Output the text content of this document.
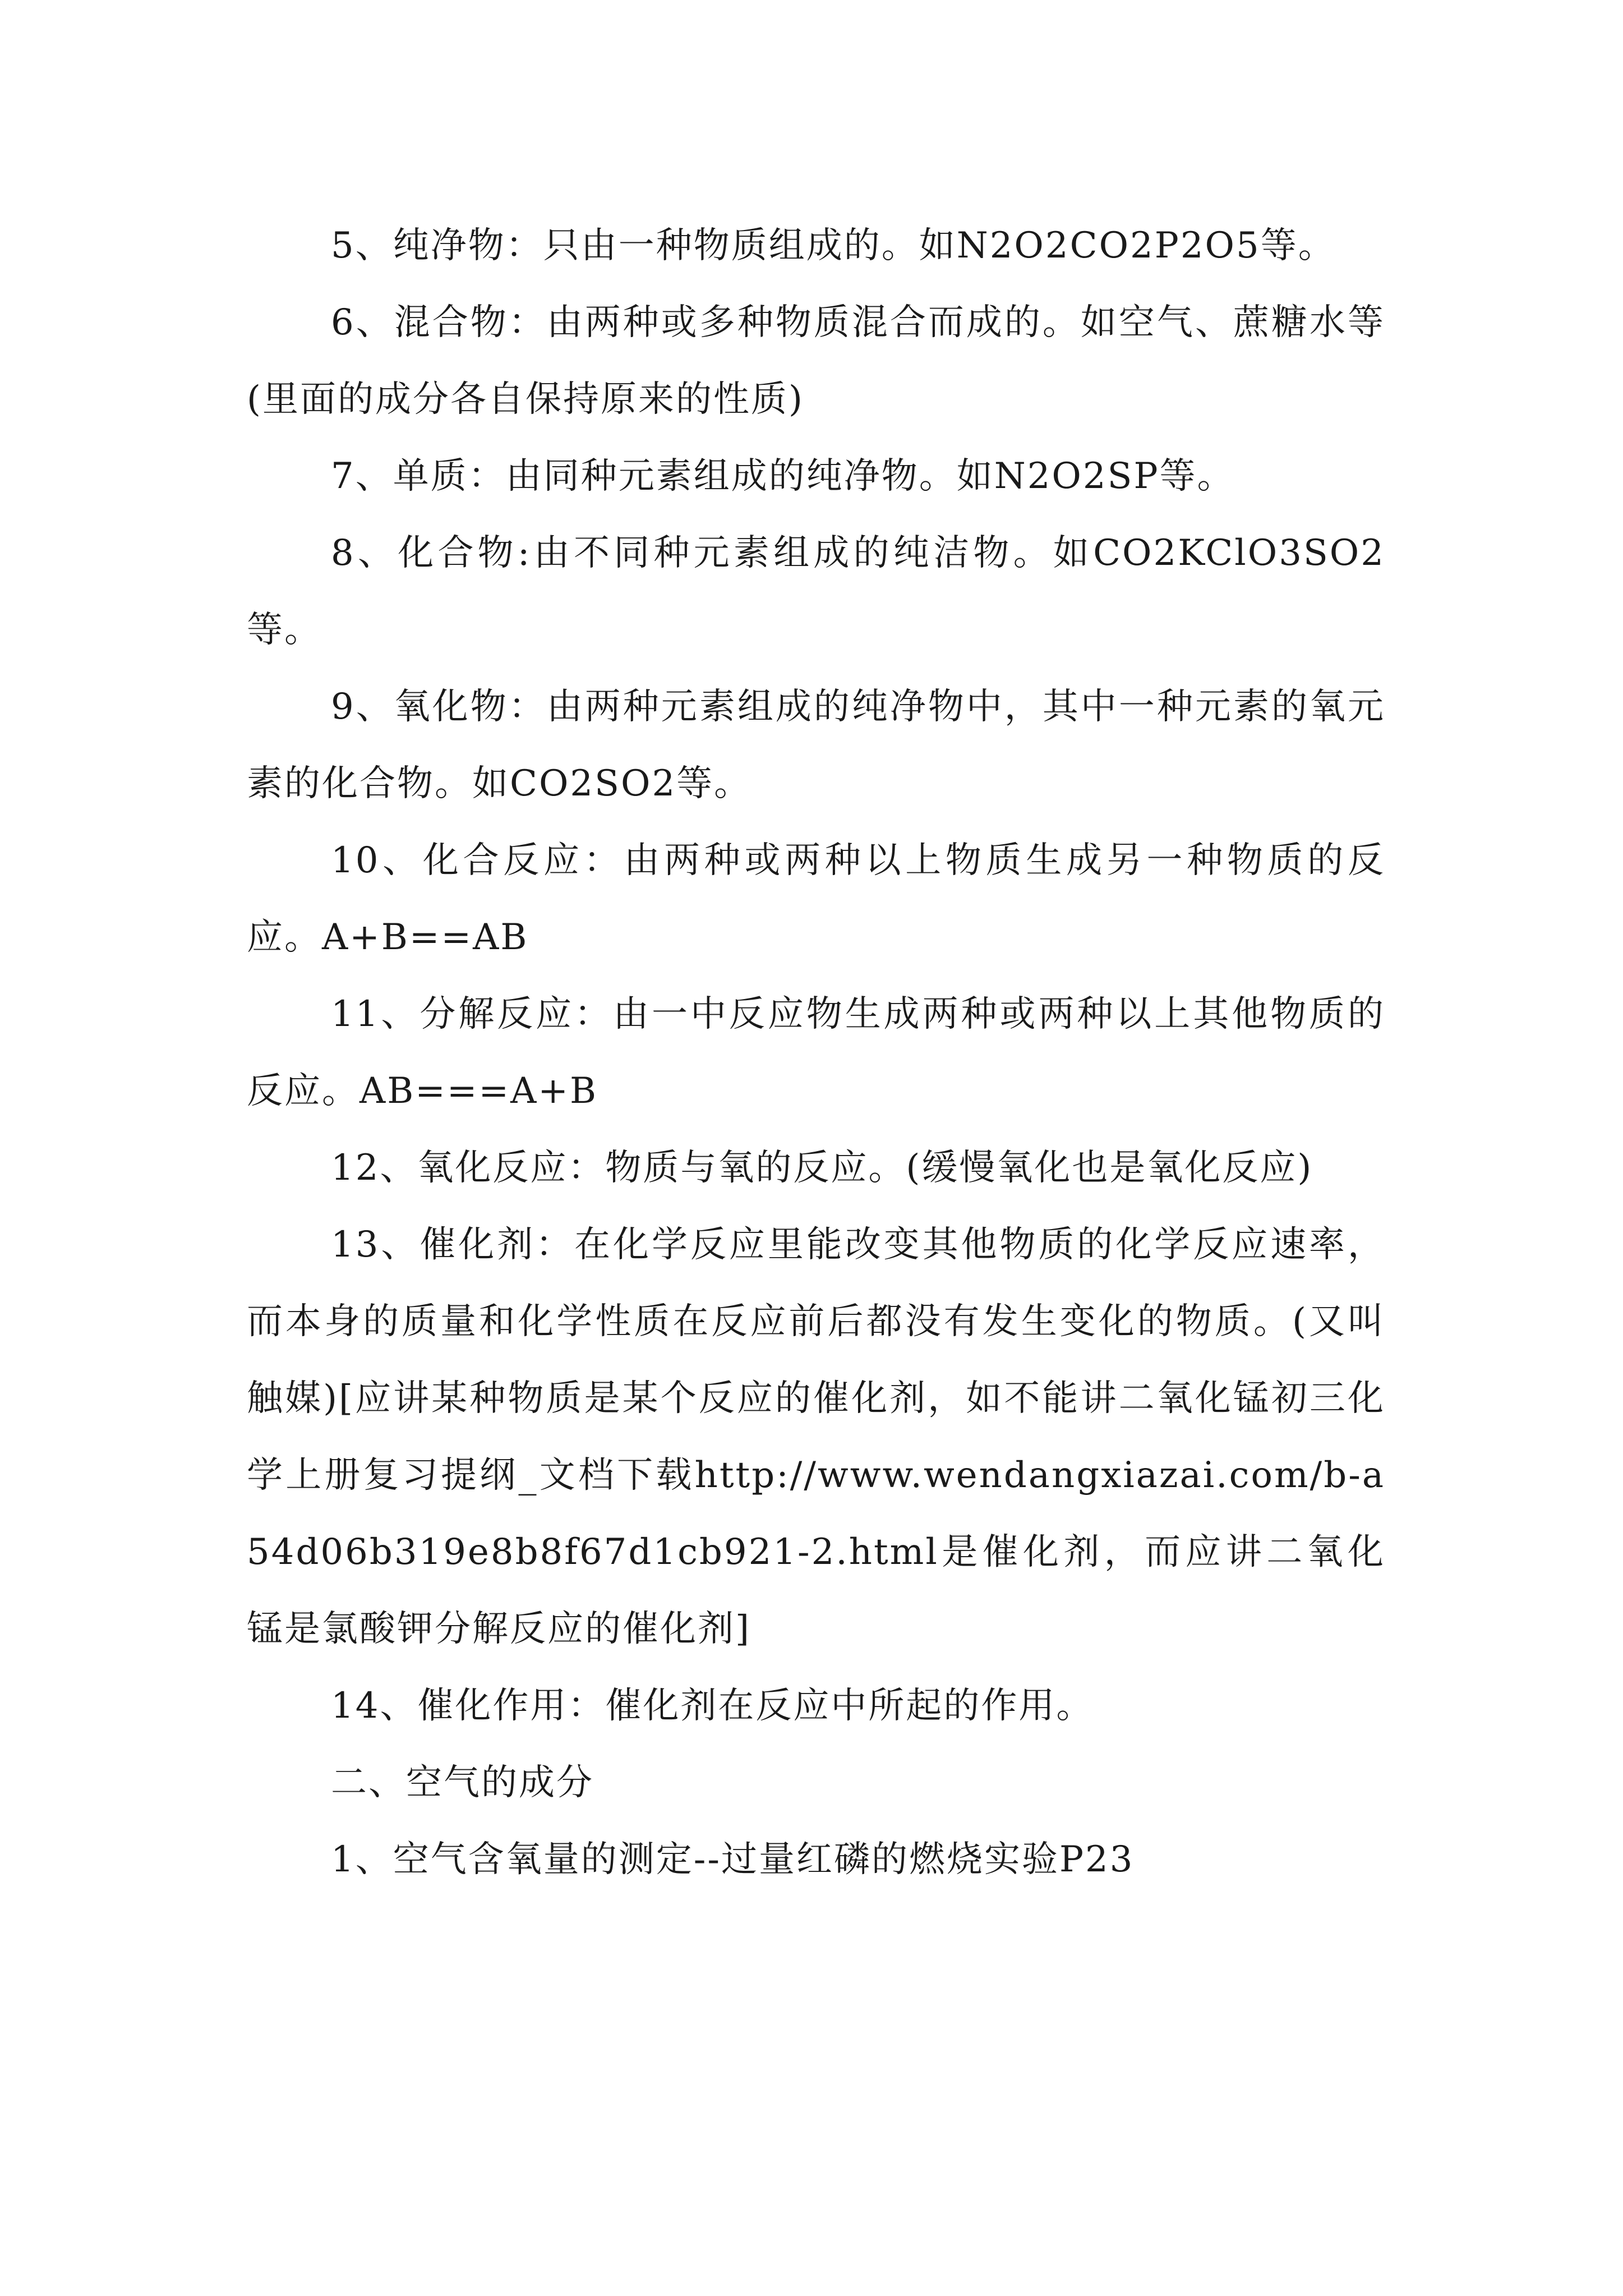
5、纯净物：只由一种物质组成的。如N2O2CO2P2O5等。

6、混合物：由两种或多种物质混合而成的。如空气、蔗糖水等(里面的成分各自保持原来的性质)

7、单质：由同种元素组成的纯净物。如N2O2SP等。

8、化合物:由不同种元素组成的纯洁物。如CO2KClO3SO2等。

9、氧化物：由两种元素组成的纯净物中，其中一种元素的氧元素的化合物。如CO2SO2等。

10、化合反应：由两种或两种以上物质生成另一种物质的反应。A+B==AB

11、分解反应：由一中反应物生成两种或两种以上其他物质的反应。AB===A+B

12、氧化反应：物质与氧的反应。(缓慢氧化也是氧化反应)

13、催化剂：在化学反应里能改变其他物质的化学反应速率，而本身的质量和化学性质在反应前后都没有发生变化的物质。(又叫触媒)[应讲某种物质是某个反应的催化剂，如不能讲二氧化锰初三化学上册复习提纲_文档下载http://www.wendangxiazai.com/b-a54d06b319e8b8f67d1cb921-2.html是催化剂，而应讲二氧化锰是氯酸钾分解反应的催化剂]

14、催化作用：催化剂在反应中所起的作用。

二、空气的成分

1、空气含氧量的测定--过量红磷的燃烧实验P23
